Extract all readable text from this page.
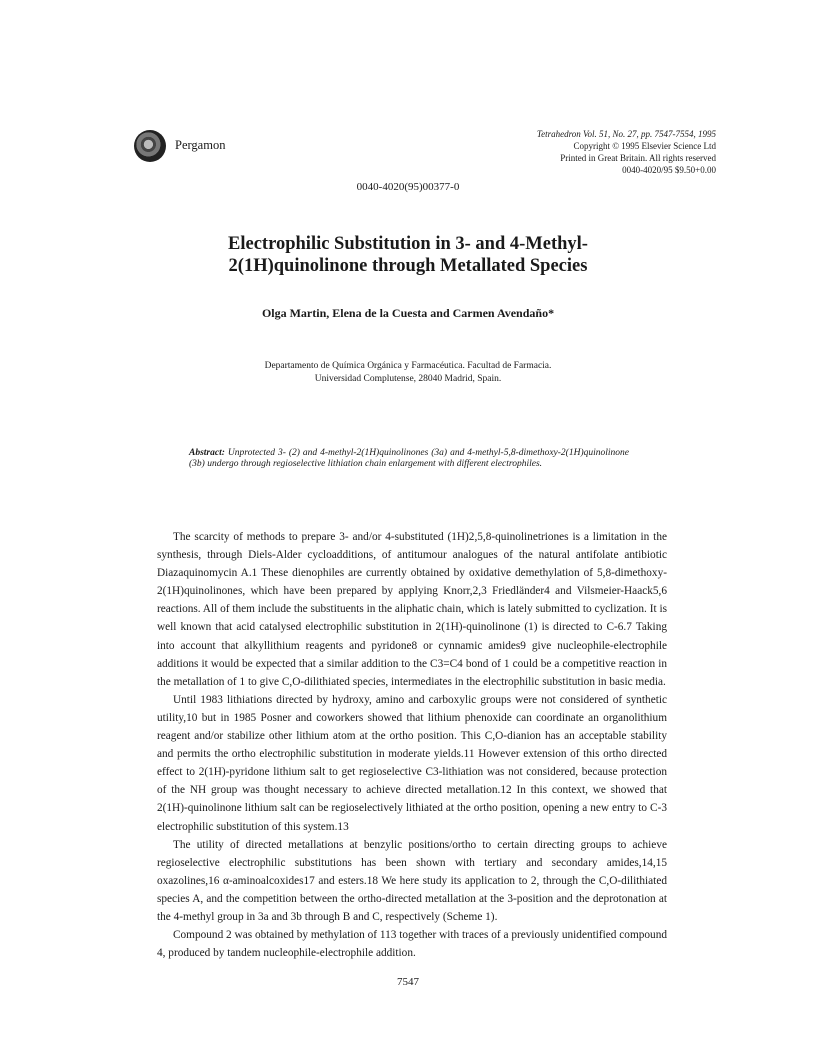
Pergamon
Tetrahedron Vol. 51, No. 27, pp. 7547-7554, 1995
Copyright © 1995 Elsevier Science Ltd
Printed in Great Britain. All rights reserved
0040-4020/95 $9.50+0.00
0040-4020(95)00377-0
Electrophilic Substitution in 3- and 4-Methyl-
2(1H)quinolinone through Metallated Species
Olga Martin, Elena de la Cuesta and Carmen Avendaño*
Departamento de Química Orgánica y Farmacéutica. Facultad de Farmacia.
Universidad Complutense, 28040 Madrid, Spain.
Abstract: Unprotected 3- (2) and 4-methyl-2(1H)quinolinones (3a) and 4-methyl-5,8-dimethoxy-2(1H)quinolinone (3b) undergo through regioselective lithiation chain enlargement with different electrophiles.

The scarcity of methods to prepare 3- and/or 4-substituted (1H)2,5,8-quinolinetriones is a limitation in the synthesis, through Diels-Alder cycloadditions, of antitumour analogues of the natural antifolate antibiotic Diazaquinomycin A.1 These dienophiles are currently obtained by oxidative demethylation of 5,8-dimethoxy-2(1H)quinolinones, which have been prepared by applying Knorr,2,3 Friedländer4 and Vilsmeier-Haack5,6 reactions. All of them include the substituents in the aliphatic chain, which is lately submitted to cyclization. It is well known that acid catalysed electrophilic substitution in 2(1H)-quinolinone (1) is directed to C-6.7 Taking into account that alkyllithium reagents and pyridone8 or cynnamic amides9 give nucleophile-electrophile additions it would be expected that a similar addition to the C3=C4 bond of 1 could be a competitive reaction in the metallation of 1 to give C,O-dilithiated species, intermediates in the electrophilic substitution in basic media.

Until 1983 lithiations directed by hydroxy, amino and carboxylic groups were not considered of synthetic utility,10 but in 1985 Posner and coworkers showed that lithium phenoxide can coordinate an organolithium reagent and/or stabilize other lithium atom at the ortho position. This C,O-dianion has an acceptable stability and permits the ortho electrophilic substitution in moderate yields.11 However extension of this ortho directed effect to 2(1H)-pyridone lithium salt to get regioselective C3-lithiation was not considered, because protection of the NH group was thought necessary to achieve directed metallation.12 In this context, we showed that 2(1H)-quinolinone lithium salt can be regioselectively lithiated at the ortho position, opening a new entry to C-3 electrophilic substitution of this system.13

The utility of directed metallations at benzylic positions/ortho to certain directing groups to achieve regioselective electrophilic substitutions has been shown with tertiary and secondary amides,14,15 oxazolines,16 α-aminoalcoxides17 and esters.18 We here study its application to 2, through the C,O-dilithiated species A, and the competition between the ortho-directed metallation at the 3-position and the deprotonation at the 4-methyl group in 3a and 3b through B and C, respectively (Scheme 1).

Compound 2 was obtained by methylation of 113 together with traces of a previously unidentified compound 4, produced by tandem nucleophile-electrophile addition.

7547
